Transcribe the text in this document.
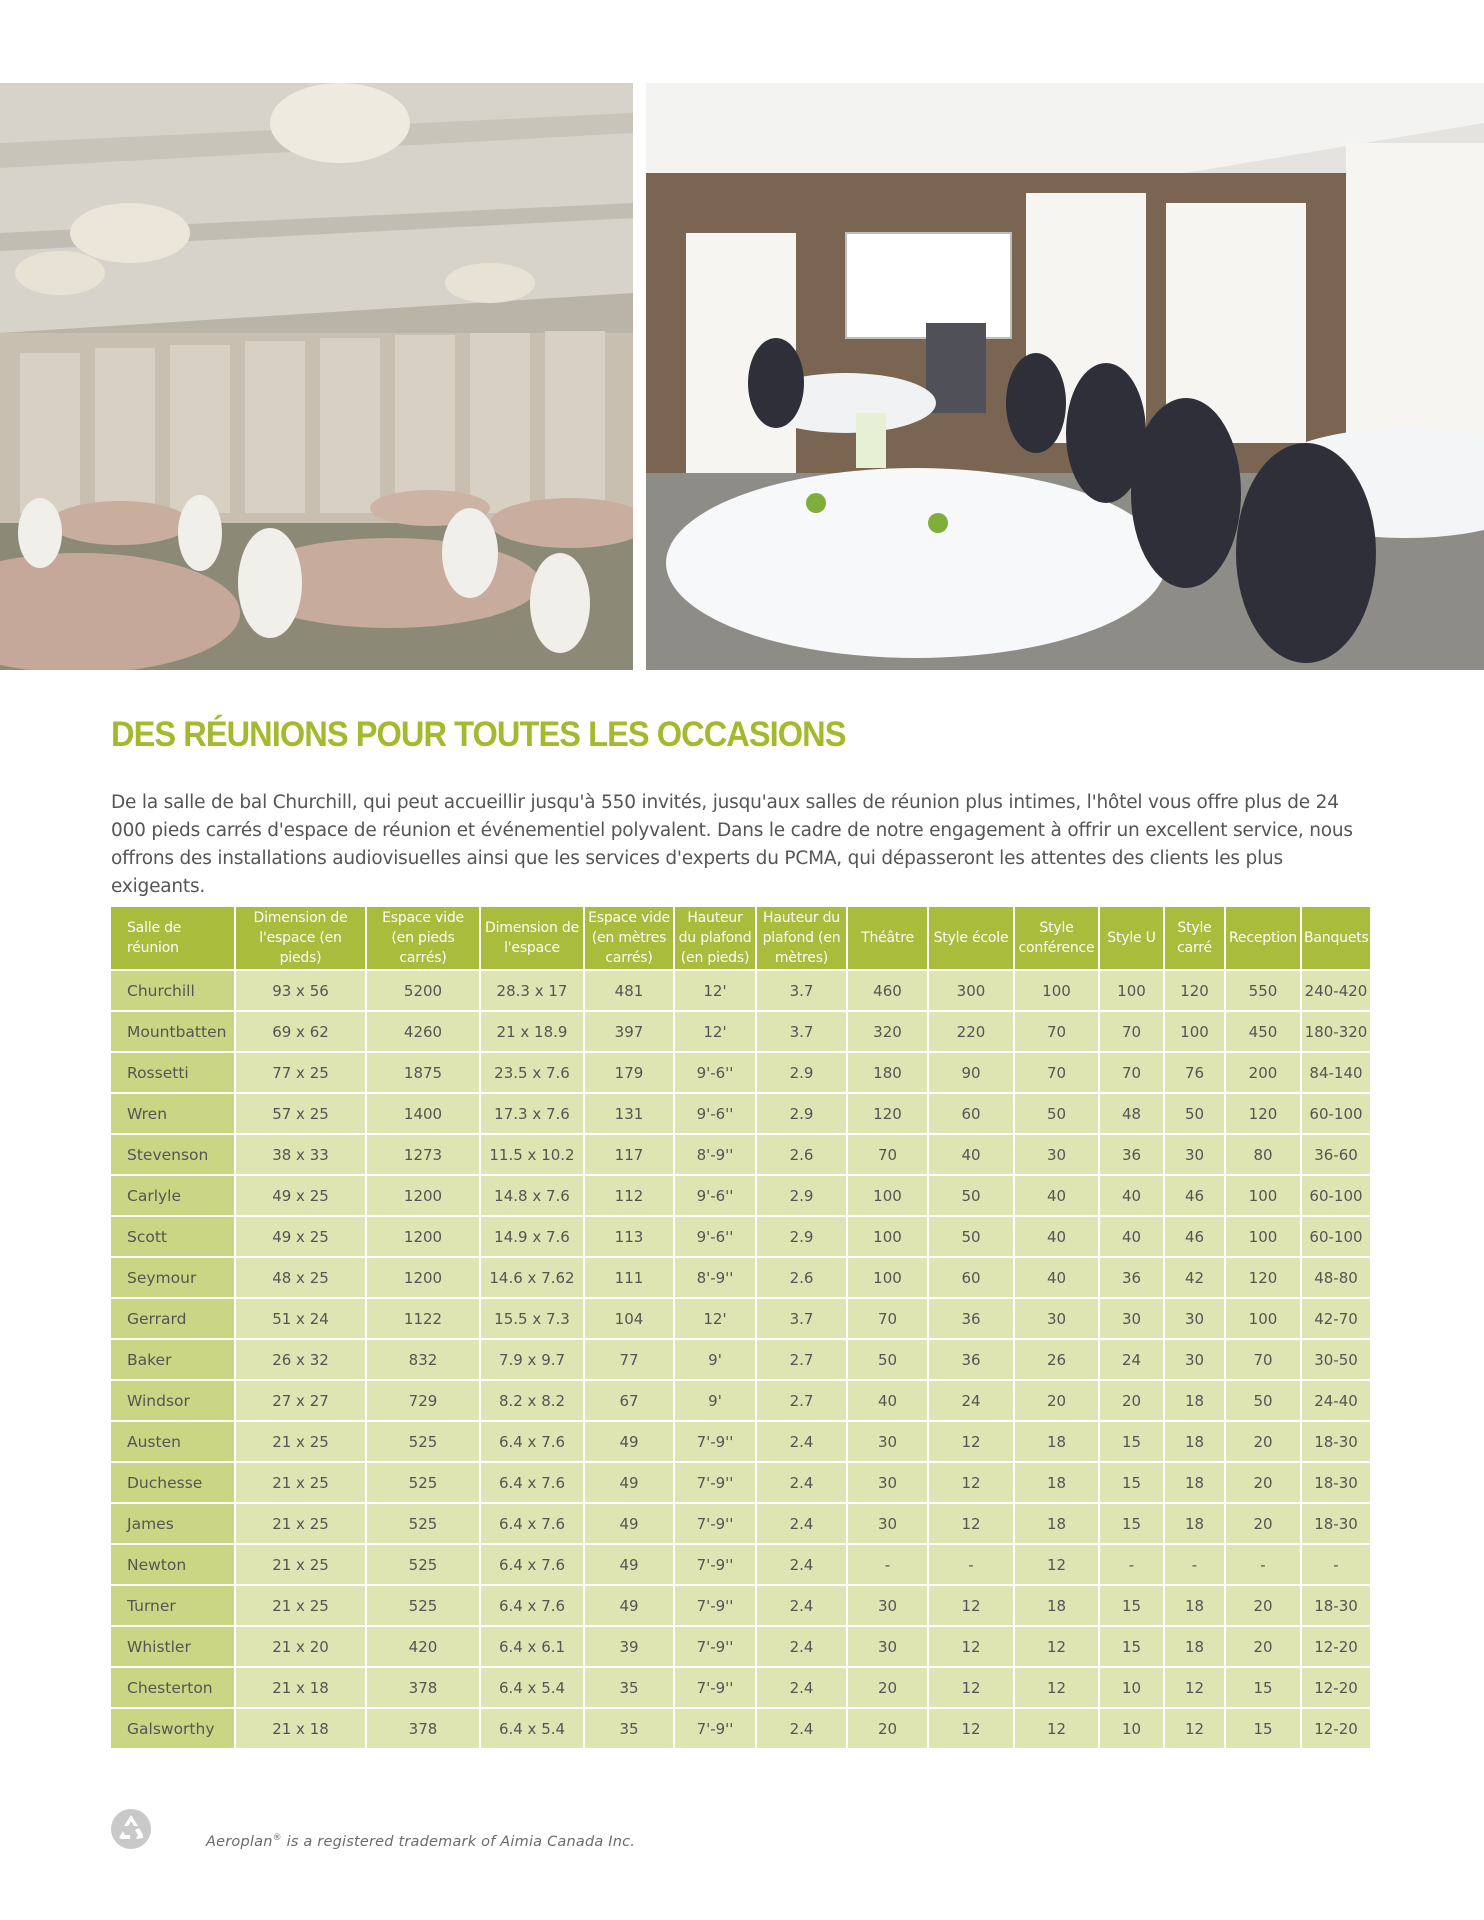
DES RÉUNIONS POUR TOUTES LES OCCASIONS

De la salle de bal Churchill, qui peut accueillir jusqu'à 550 invités, jusqu'aux salles de réunion plus intimes, l'hôtel vous offre plus de 24 000 pieds carrés d'espace de réunion et événementiel polyvalent. Dans le cadre de notre engagement à offrir un excellent service, nous offrons des installations audiovisuelles ainsi que les services d'experts du PCMA, qui dépasseront les attentes des clients les plus exigeants.

Salle de réunion	Dimension de l'espace (en pieds)	Espace vide (en pieds carrés)	Dimension de l'espace	Espace vide (en mètres carrés)	Hauteur du plafond (en pieds)	Hauteur du plafond (en mètres)	Théâtre	Style école	Style conférence	Style U	Style carré	Reception	Banquets
Churchill	93 x 56	5200	28.3 x 17	481	12'	3.7	460	300	100	100	120	550	240-420
Mountbatten	69 x 62	4260	21 x 18.9	397	12'	3.7	320	220	70	70	100	450	180-320
Rossetti	77 x 25	1875	23.5 x 7.6	179	9'-6''	2.9	180	90	70	70	76	200	84-140
Wren	57 x 25	1400	17.3 x 7.6	131	9'-6''	2.9	120	60	50	48	50	120	60-100
Stevenson	38 x 33	1273	11.5 x 10.2	117	8'-9''	2.6	70	40	30	36	30	80	36-60
Carlyle	49 x 25	1200	14.8 x 7.6	112	9'-6''	2.9	100	50	40	40	46	100	60-100
Scott	49 x 25	1200	14.9 x 7.6	113	9'-6''	2.9	100	50	40	40	46	100	60-100
Seymour	48 x 25	1200	14.6 x 7.62	111	8'-9''	2.6	100	60	40	36	42	120	48-80
Gerrard	51 x 24	1122	15.5 x 7.3	104	12'	3.7	70	36	30	30	30	100	42-70
Baker	26 x 32	832	7.9 x 9.7	77	9'	2.7	50	36	26	24	30	70	30-50
Windsor	27 x 27	729	8.2 x 8.2	67	9'	2.7	40	24	20	20	18	50	24-40
Austen	21 x 25	525	6.4 x 7.6	49	7'-9''	2.4	30	12	18	15	18	20	18-30
Duchesse	21 x 25	525	6.4 x 7.6	49	7'-9''	2.4	30	12	18	15	18	20	18-30
James	21 x 25	525	6.4 x 7.6	49	7'-9''	2.4	30	12	18	15	18	20	18-30
Newton	21 x 25	525	6.4 x 7.6	49	7'-9''	2.4	-	-	12	-	-	-	-
Turner	21 x 25	525	6.4 x 7.6	49	7'-9''	2.4	30	12	18	15	18	20	18-30
Whistler	21 x 20	420	6.4 x 6.1	39	7'-9''	2.4	30	12	12	15	18	20	12-20
Chesterton	21 x 18	378	6.4 x 5.4	35	7'-9''	2.4	20	12	12	10	12	15	12-20
Galsworthy	21 x 18	378	6.4 x 5.4	35	7'-9''	2.4	20	12	12	10	12	15	12-20
Aeroplan® is a registered trademark of Aimia Canada Inc.
